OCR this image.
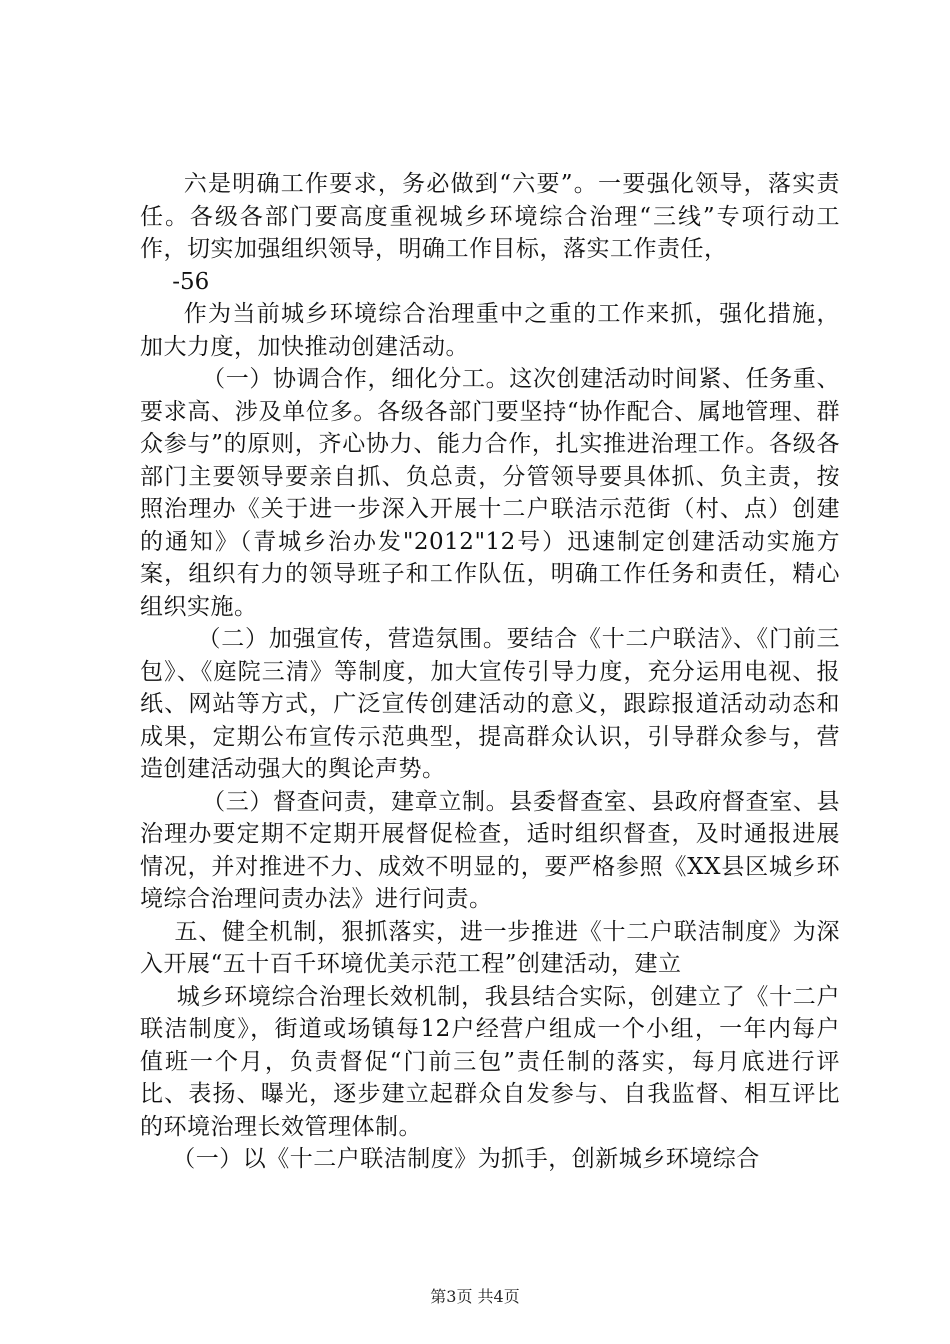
六是明确工作要求，务必做到“六要”。一要强化领导，落实责任。各级各部门要高度重视城乡环境综合治理“三线”专项行动工作，切实加强组织领导，明确工作目标，落实工作责任，

-56

作为当前城乡环境综合治理重中之重的工作来抓，强化措施，加大力度，加快推动创建活动。

（一）协调合作，细化分工。这次创建活动时间紧、任务重、要求高、涉及单位多。各级各部门要坚持“协作配合、属地管理、群众参与”的原则，齐心协力、能力合作，扎实推进治理工作。各级各部门主要领导要亲自抓、负总责，分管领导要具体抓、负主责，按照治理办《关于进一步深入开展十二户联洁示范街（村、点）创建的通知》（青城乡治办发"2012"12号）迅速制定创建活动实施方案，组织有力的领导班子和工作队伍，明确工作任务和责任，精心组织实施。

（二）加强宣传，营造氛围。要结合《十二户联洁》、《门前三包》、《庭院三清》等制度，加大宣传引导力度，充分运用电视、报纸、网站等方式，广泛宣传创建活动的意义，跟踪报道活动动态和成果，定期公布宣传示范典型，提高群众认识，引导群众参与，营造创建活动强大的舆论声势。

（三）督查问责，建章立制。县委督查室、县政府督查室、县治理办要定期不定期开展督促检查，适时组织督查，及时通报进展情况，并对推进不力、成效不明显的，要严格参照《XX县区城乡环境综合治理问责办法》进行问责。

五、健全机制，狠抓落实，进一步推进《十二户联洁制度》为深入开展“五十百千环境优美示范工程”创建活动，建立

城乡环境综合治理长效机制，我县结合实际，创建立了《十二户联洁制度》，街道或场镇每12户经营户组成一个小组，一年内每户值班一个月，负责督促“门前三包”责任制的落实，每月底进行评比、表扬、曝光，逐步建立起群众自发参与、自我监督、相互评比的环境治理长效管理体制。

（一）以《十二户联洁制度》为抓手，创新城乡环境综合

第3页 共4页
